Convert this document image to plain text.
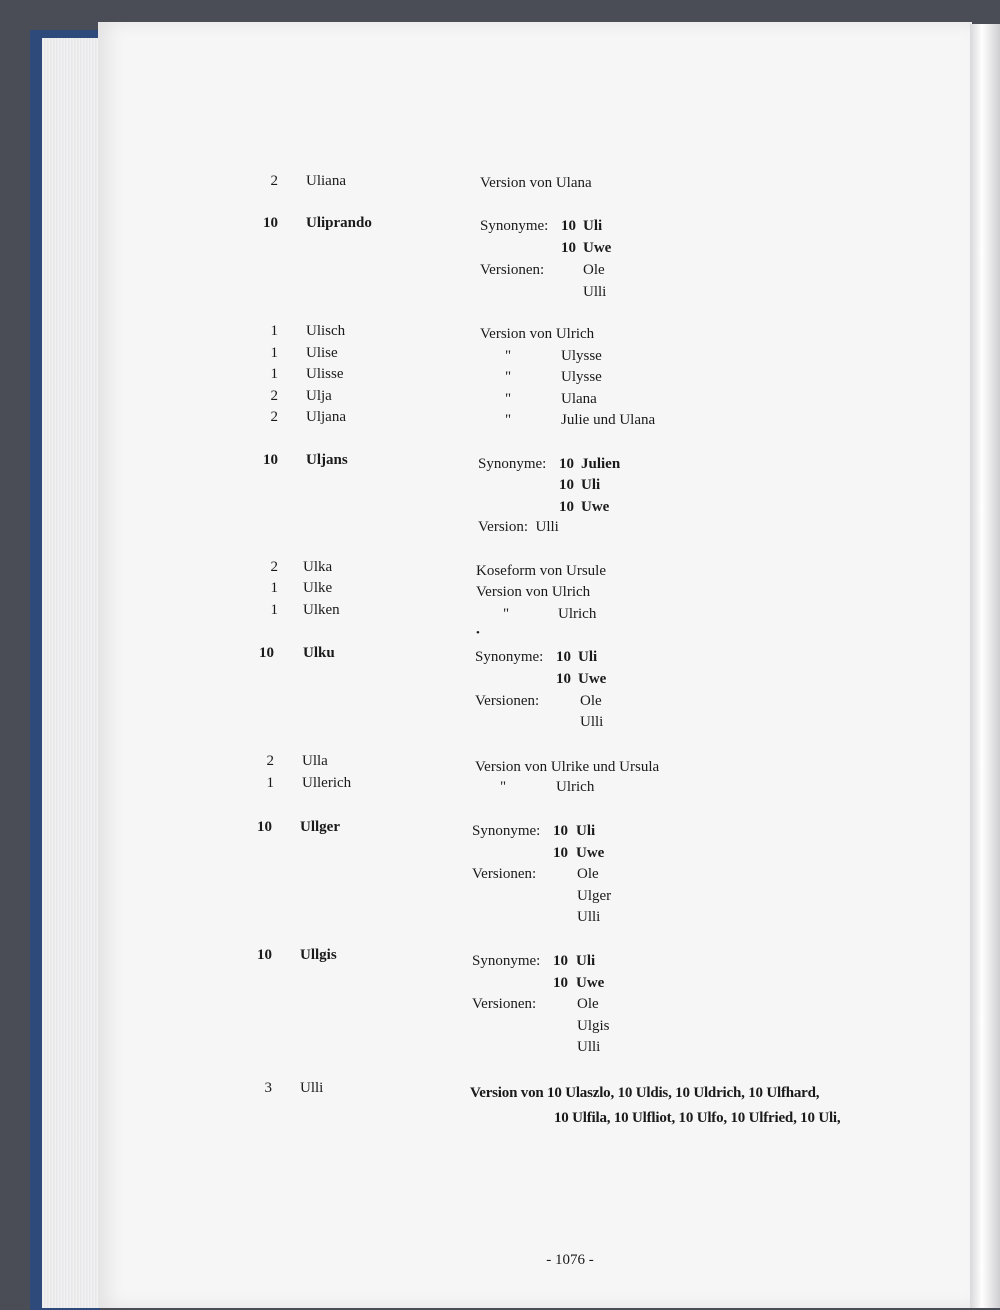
2 Uliana	Version von Ulana
10 Uliprando	Synonyme: 10 Uli
10 Uwe
Versionen:	Ole
Ulli
1 Ulisch	Version von Ulrich
1 Ulise	"	Ulysse
1 Ulisse	"	Ulysse
2 Ulja	"	Ulana
2 Uljana	"	Julie und Ulana
10 Uljans	Synonyme: 10 Julien
10 Uli
10 Uwe
Version:  Ulli
2 Ulka	Koseform von Ursule
1 Ulke	Version von Ulrich
1 Ulken	"	Ulrich
•
10 Ulku	Synonyme: 10 Uli
10 Uwe
Versionen:	Ole
Ulli
2 Ulla	Version von Ulrike und Ursula
1 Ullerich	"	Ulrich
10 Ullger	Synonyme: 10 Uli
10 Uwe
Versionen:	Ole
Ulger
Ulli
10 Ullgis	Synonyme: 10 Uli
10 Uwe
Versionen:	Ole
Ulgis
Ulli
3 Ulli	Version von 10 Ulaszlo, 10 Uldis, 10 Uldrich, 10 Ulfhard,
10 Ulfila, 10 Ulfliot, 10 Ulfo, 10 Ulfried, 10 Uli,
- 1076 -
